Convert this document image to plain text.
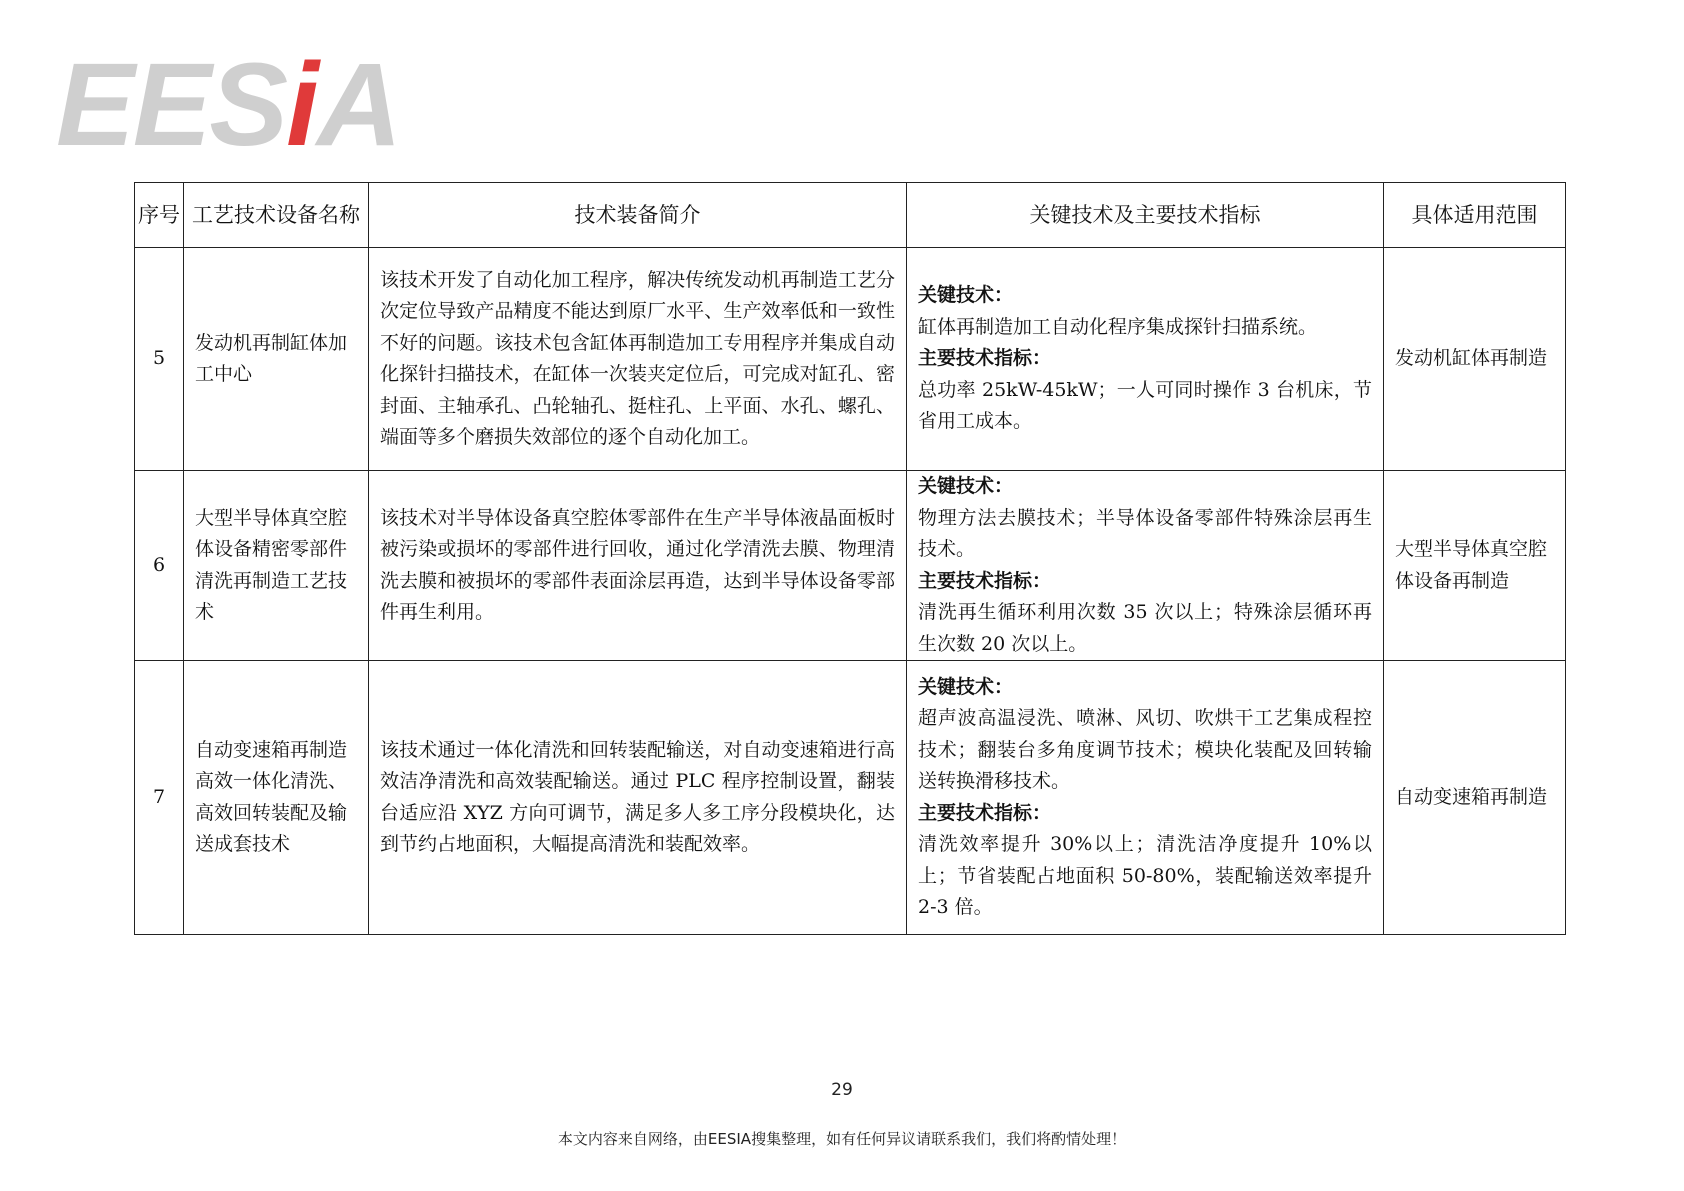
EESiA
序号	工艺技术设备名称	技术装备简介	关键技术及主要技术指标	具体适用范围
5	发动机再制缸体加工中心	该技术开发了自动化加工程序，解决传统发动机再制造工艺分次定位导致产品精度不能达到原厂水平、生产效率低和一致性不好的问题。该技术包含缸体再制造加工专用程序并集成自动化探针扫描技术，在缸体一次装夹定位后，可完成对缸孔、密封面、主轴承孔、凸轮轴孔、挺柱孔、上平面、水孔、螺孔、端面等多个磨损失效部位的逐个自动化加工。	关键技术：
缸体再制造加工自动化程序集成探针扫描系统。
主要技术指标：
总功率 25kW-45kW；一人可同时操作 3 台机床，节省用工成本。	发动机缸体再制造
6	大型半导体真空腔体设备精密零部件清洗再制造工艺技术	该技术对半导体设备真空腔体零部件在生产半导体液晶面板时被污染或损坏的零部件进行回收，通过化学清洗去膜、物理清洗去膜和被损坏的零部件表面涂层再造，达到半导体设备零部件再生利用。	关键技术：
物理方法去膜技术；半导体设备零部件特殊涂层再生技术。
主要技术指标：
清洗再生循环利用次数 35 次以上；特殊涂层循环再生次数 20 次以上。	大型半导体真空腔体设备再制造
7	自动变速箱再制造高效一体化清洗、高效回转装配及输送成套技术	该技术通过一体化清洗和回转装配输送，对自动变速箱进行高效洁净清洗和高效装配输送。通过 PLC 程序控制设置，翻装台适应沿 XYZ 方向可调节，满足多人多工序分段模块化，达到节约占地面积，大幅提高清洗和装配效率。	关键技术：
超声波高温浸洗、喷淋、风切、吹烘干工艺集成程控技术；翻装台多角度调节技术；模块化装配及回转输送转换滑移技术。
主要技术指标：
清洗效率提升 30%以上；清洗洁净度提升 10%以上；节省装配占地面积 50-80%，装配输送效率提升 2-3 倍。	自动变速箱再制造
29
本文内容来自网络，由EESIA搜集整理，如有任何异议请联系我们，我们将酌情处理！
